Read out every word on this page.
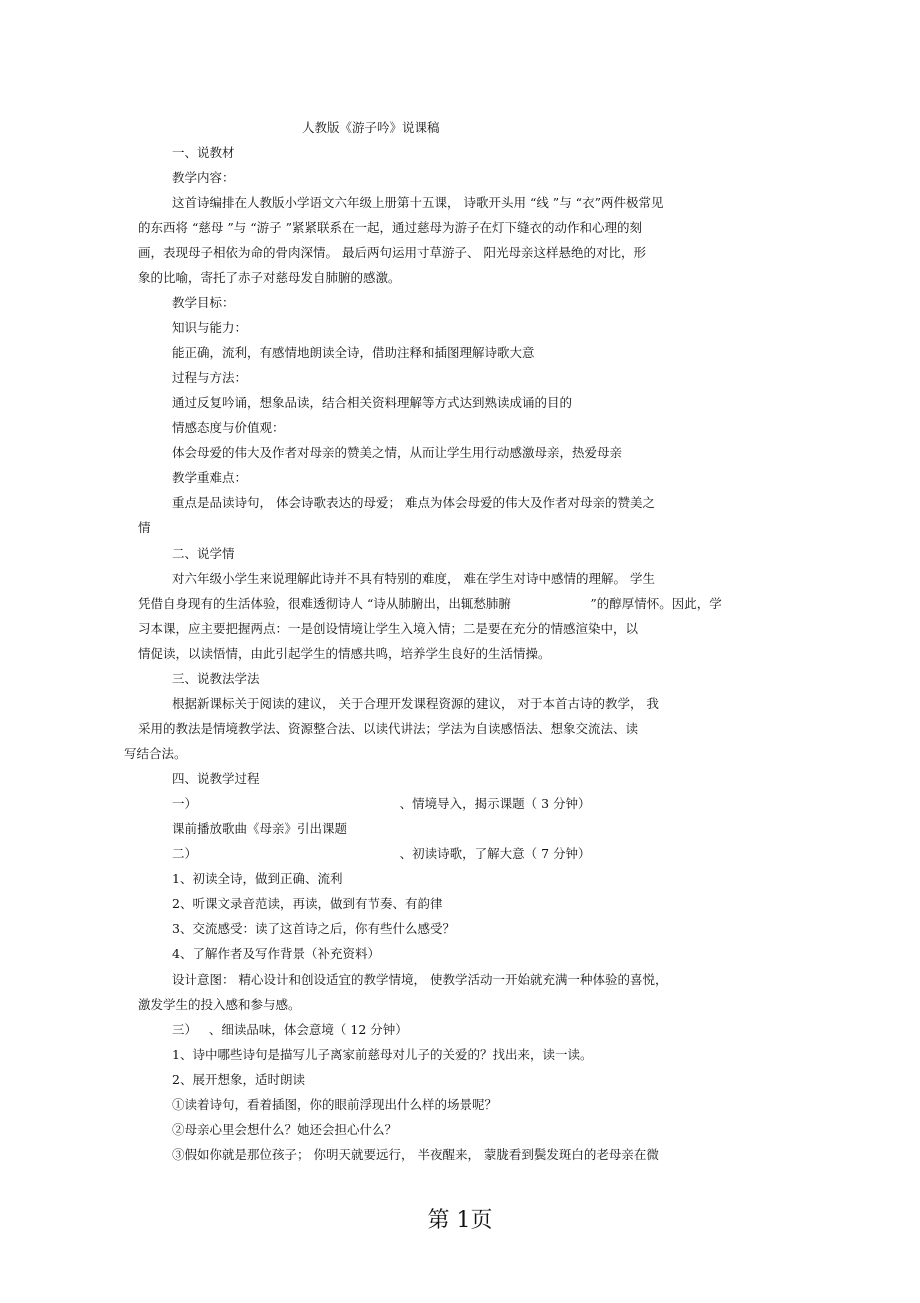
人教版《游子吟》说课稿

一、说教材

教学内容：

这首诗编排在人教版小学语文六年级上册第十五课， 诗歌开头用 “线 ”与 “衣”两件极常见

的东西将 “慈母 ”与 “游子 ”紧紧联系在一起，通过慈母为游子在灯下缝衣的动作和心理的刻

画，表现母子相依为命的骨肉深情。 最后两句运用寸草游子、 阳光母亲这样悬绝的对比，形

象的比喻，寄托了赤子对慈母发自肺腑的感激。

教学目标：

知识与能力：

能正确，流利，有感情地朗读全诗，借助注释和插图理解诗歌大意

过程与方法：

通过反复吟诵，想象品读，结合相关资料理解等方式达到熟读成诵的目的

情感态度与价值观：

体会母爱的伟大及作者对母亲的赞美之情，从而让学生用行动感激母亲，热爱母亲

教学重难点：

重点是品读诗句， 体会诗歌表达的母爱； 难点为体会母爱的伟大及作者对母亲的赞美之

情

二、说学情

对六年级小学生来说理解此诗并不具有特别的难度， 难在学生对诗中感情的理解。 学生

凭借自身现有的生活体验，很难透彻诗人 “诗从肺腑出，出辄愁肺腑                    ”的醇厚情怀。因此，学

习本课，应主要把握两点：一是创设情境让学生入境入情；二是要在充分的情感渲染中，以

情促读，以读悟情，由此引起学生的情感共鸣，培养学生良好的生活情操。

三、说教法学法

根据新课标关于阅读的建议， 关于合理开发课程资源的建议， 对于本首古诗的教学， 我

采用的教法是情境教学法、资源整合法、以读代讲法；学法为自读感悟法、想象交流法、读

写结合法。

四、说教学过程

一）                                                   、情境导入，揭示课题（ 3 分钟）

课前播放歌曲《母亲》引出课题

二）                                                   、初读诗歌，了解大意（ 7 分钟）

1、初读全诗，做到正确、流利

2、听课文录音范读，再读，做到有节奏、有韵律

3、交流感受：读了这首诗之后，你有些什么感受？

4、了解作者及写作背景（补充资料）

设计意图： 精心设计和创设适宜的教学情境， 使教学活动一开始就充满一种体验的喜悦，

激发学生的投入感和参与感。

三）   、细读品味，体会意境（ 12 分钟）

1、诗中哪些诗句是描写儿子离家前慈母对儿子的关爱的？找出来，读一读。

2、展开想象，适时朗读

①读着诗句，看着插图，你的眼前浮现出什么样的场景呢？

②母亲心里会想什么？她还会担心什么？

③假如你就是那位孩子； 你明天就要远行， 半夜醒来， 蒙胧看到鬓发斑白的老母亲在微

第 1页
